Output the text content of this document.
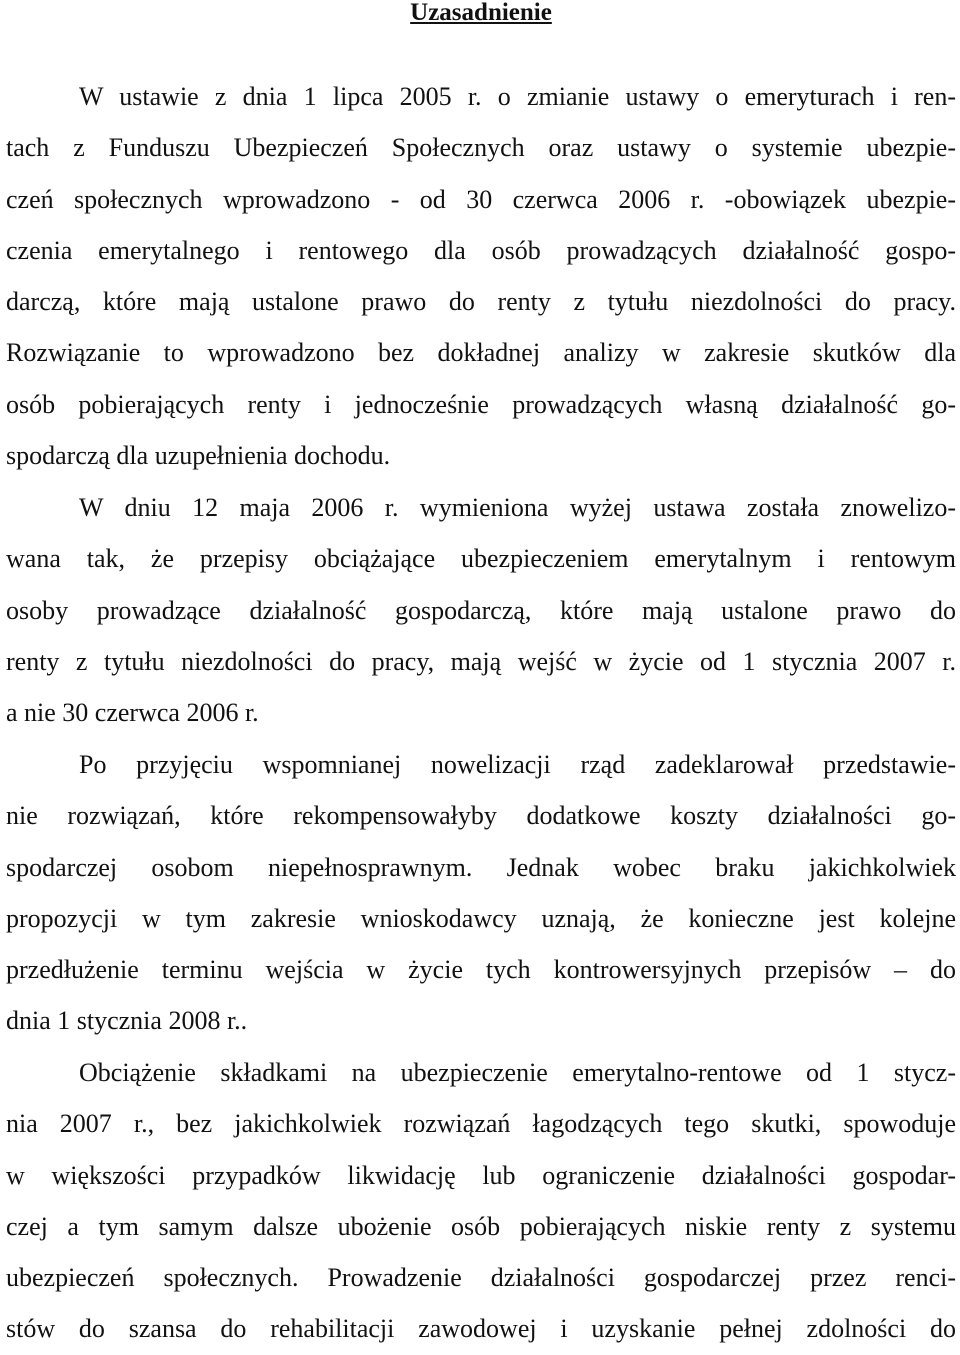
Uzasadnienie
W ustawie z dnia 1 lipca 2005 r. o zmianie ustawy o emeryturach i ren-
tach z Funduszu Ubezpieczeń Społecznych oraz ustawy o systemie ubezpie-
czeń społecznych wprowadzono - od 30 czerwca 2006 r. -obowiązek ubezpie-
czenia emerytalnego i rentowego dla osób prowadzących działalność gospo-
darczą, które mają ustalone prawo do renty z tytułu niezdolności do pracy.
Rozwiązanie to wprowadzono bez dokładnej analizy w zakresie skutków dla
osób pobierających renty i jednocześnie prowadzących własną działalność go-
spodarczą dla uzupełnienia dochodu.
W dniu 12 maja 2006 r. wymieniona wyżej ustawa została znowelizo-
wana tak, że przepisy obciążające ubezpieczeniem emerytalnym i rentowym
osoby prowadzące działalność gospodarczą, które mają ustalone prawo do
renty z tytułu niezdolności do pracy, mają wejść w życie od 1 stycznia 2007 r.
a nie 30 czerwca 2006 r.
Po przyjęciu wspomnianej nowelizacji rząd zadeklarował przedstawie-
nie rozwiązań, które rekompensowałyby dodatkowe koszty działalności go-
spodarczej osobom niepełnosprawnym. Jednak wobec braku jakichkolwiek
propozycji w tym zakresie wnioskodawcy uznają, że konieczne jest kolejne
przedłużenie terminu wejścia w życie tych kontrowersyjnych przepisów – do
dnia 1 stycznia 2008 r..
Obciążenie składkami na ubezpieczenie emerytalno-rentowe od 1 stycz-
nia 2007 r., bez jakichkolwiek rozwiązań łagodzących tego skutki, spowoduje
w większości przypadków likwidację lub ograniczenie działalności gospodar-
czej a tym samym dalsze ubożenie osób pobierających niskie renty z systemu
ubezpieczeń społecznych. Prowadzenie działalności gospodarczej przez renci-
stów do szansa do rehabilitacji zawodowej i uzyskanie pełnej zdolności do
